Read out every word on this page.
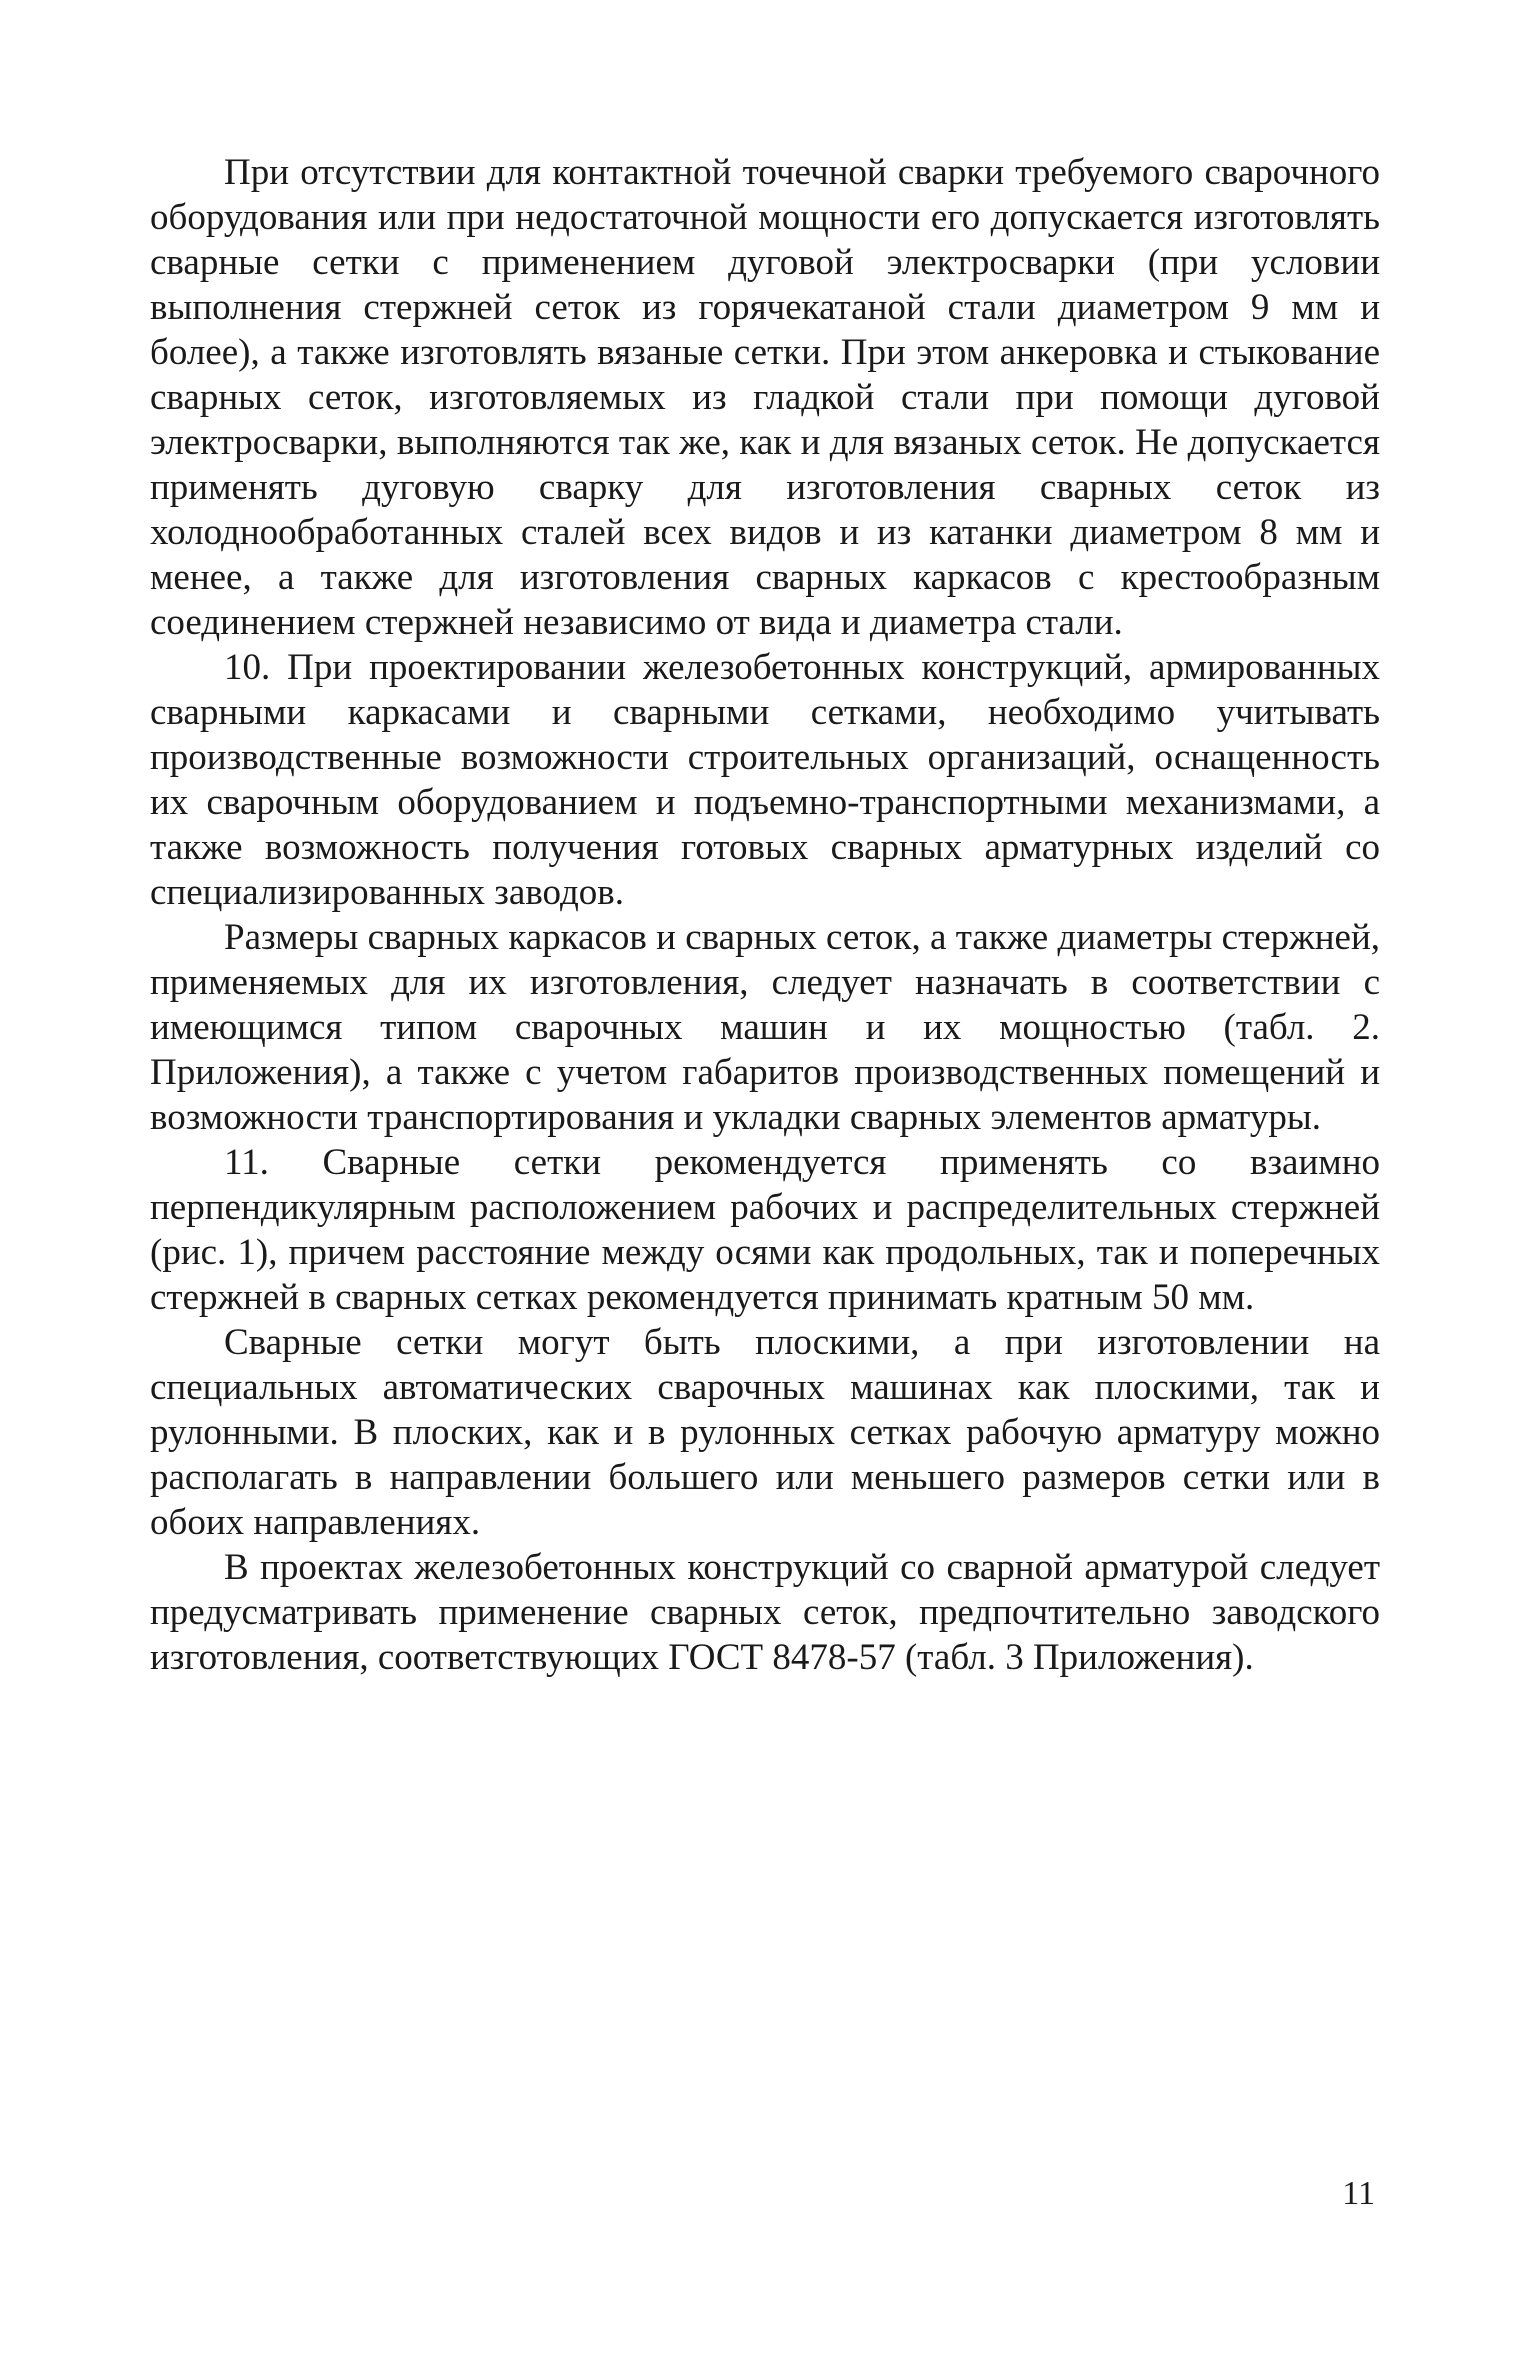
При отсутствии для контактной точечной сварки требуемого сварочного оборудования или при недостаточной мощности его допускается изготовлять сварные сетки с применением дуговой электросварки (при условии выполнения стержней сеток из горячекатаной стали диаметром 9 мм и более), а также изготовлять вязаные сетки. При этом анкеровка и стыкование сварных сеток, изготовляемых из гладкой стали при помощи дуговой электросварки, выполняются так же, как и для вязаных сеток. Не допускается применять дуговую сварку для изготовления сварных сеток из холоднообработанных сталей всех видов и из катанки диаметром 8 мм и менее, а также для изготовления сварных каркасов с крестообразным соединением стержней независимо от вида и диаметра стали.

10. При проектировании железобетонных конструкций, армированных сварными каркасами и сварными сетками, необходимо учитывать производственные возможности строительных организаций, оснащенность их сварочным оборудованием и подъемно-транспортными механизмами, а также возможность получения готовых сварных арматурных изделий со специализированных заводов.

Размеры сварных каркасов и сварных сеток, а также диаметры стержней, применяемых для их изготовления, следует назначать в соответствии с имеющимся типом сварочных машин и их мощностью (табл. 2. Приложения), а также с учетом габаритов производственных помещений и возможности транспортирования и укладки сварных элементов арматуры.

11. Сварные сетки рекомендуется применять со взаимно перпендикулярным расположением рабочих и распределительных стержней (рис. 1), причем расстояние между осями как продольных, так и поперечных стержней в сварных сетках рекомендуется принимать кратным 50 мм.

Сварные сетки могут быть плоскими, а при изготовлении на специальных автоматических сварочных машинах как плоскими, так и рулонными. В плоских, как и в рулонных сетках рабочую арматуру можно располагать в направлении большего или меньшего размеров сетки или в обоих направлениях.

В проектах железобетонных конструкций со сварной арматурой следует предусматривать применение сварных сеток, предпочтительно заводского изготовления, соответствующих ГОСТ 8478-57 (табл. 3 Приложения).

11
